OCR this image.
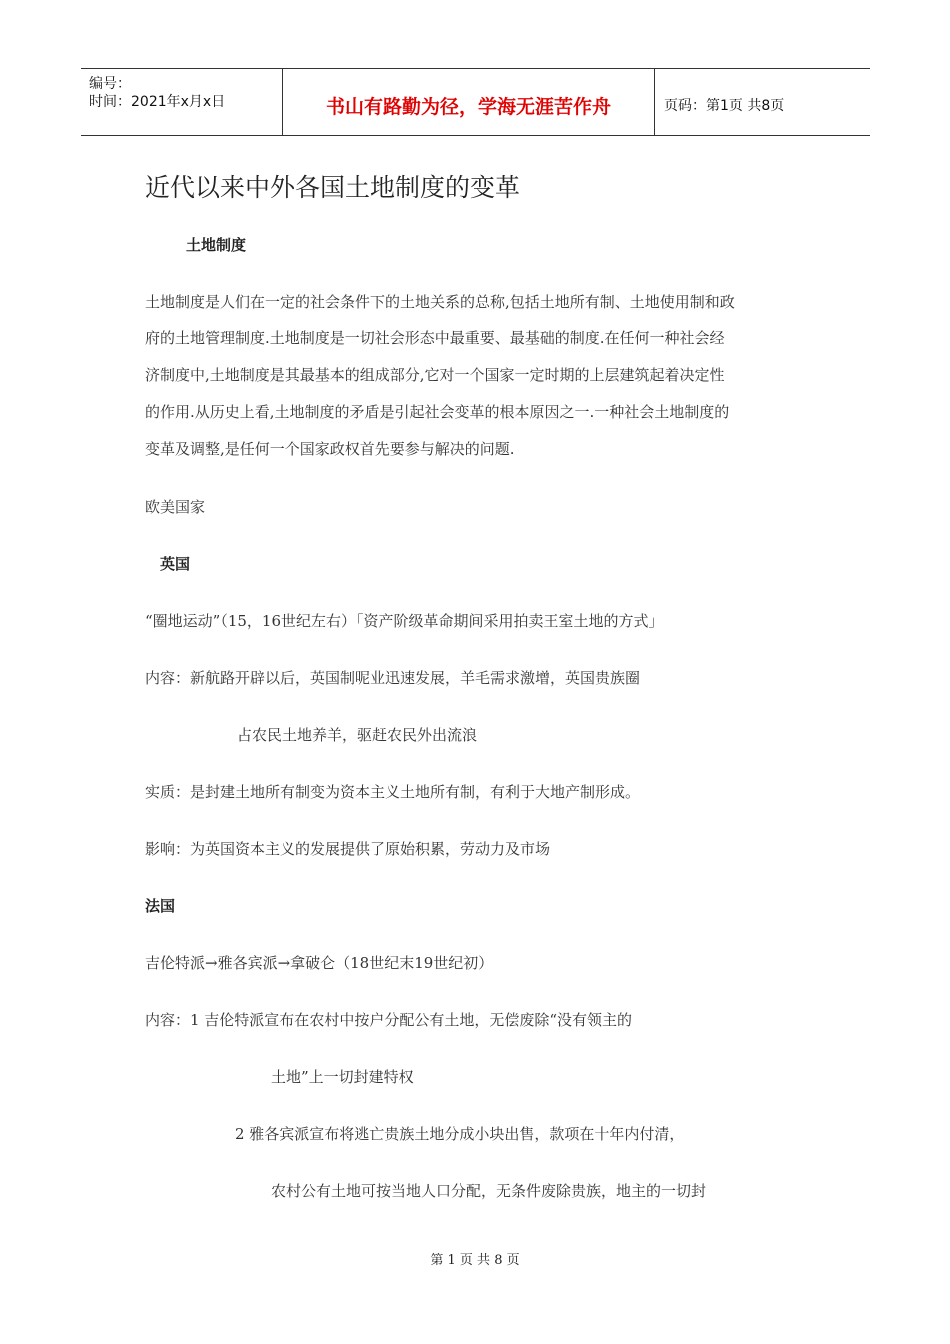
编号：
时间：2021年x月x日	书山有路勤为径，学海无涯苦作舟	页码：第1页 共8页
近代以来中外各国土地制度的变革
土地制度
土地制度是人们在一定的社会条件下的土地关系的总称,包括土地所有制、土地使用制和政
府的土地管理制度.土地制度是一切社会形态中最重要、最基础的制度.在任何一种社会经
济制度中,土地制度是其最基本的组成部分,它对一个国家一定时期的上层建筑起着决定性
的作用.从历史上看,土地制度的矛盾是引起社会变革的根本原因之一.一种社会土地制度的
变革及调整,是任何一个国家政权首先要参与解决的问题.
欧美国家
英国
“圈地运动”（15，16世纪左右）「资产阶级革命期间采用拍卖王室土地的方式」
内容：新航路开辟以后，英国制呢业迅速发展，羊毛需求激增，英国贵族圈
占农民土地养羊，驱赶农民外出流浪
实质：是封建土地所有制变为资本主义土地所有制，有利于大地产制形成。
影响：为英国资本主义的发展提供了原始积累，劳动力及市场
法国
吉伦特派→雅各宾派→拿破仑（18世纪末19世纪初）
内容：1 吉伦特派宣布在农村中按户分配公有土地，无偿废除“没有领主的
土地”上一切封建特权
2 雅各宾派宣布将逃亡贵族土地分成小块出售，款项在十年内付清，
农村公有土地可按当地人口分配，无条件废除贵族，地主的一切封
第 1 页 共 8 页
